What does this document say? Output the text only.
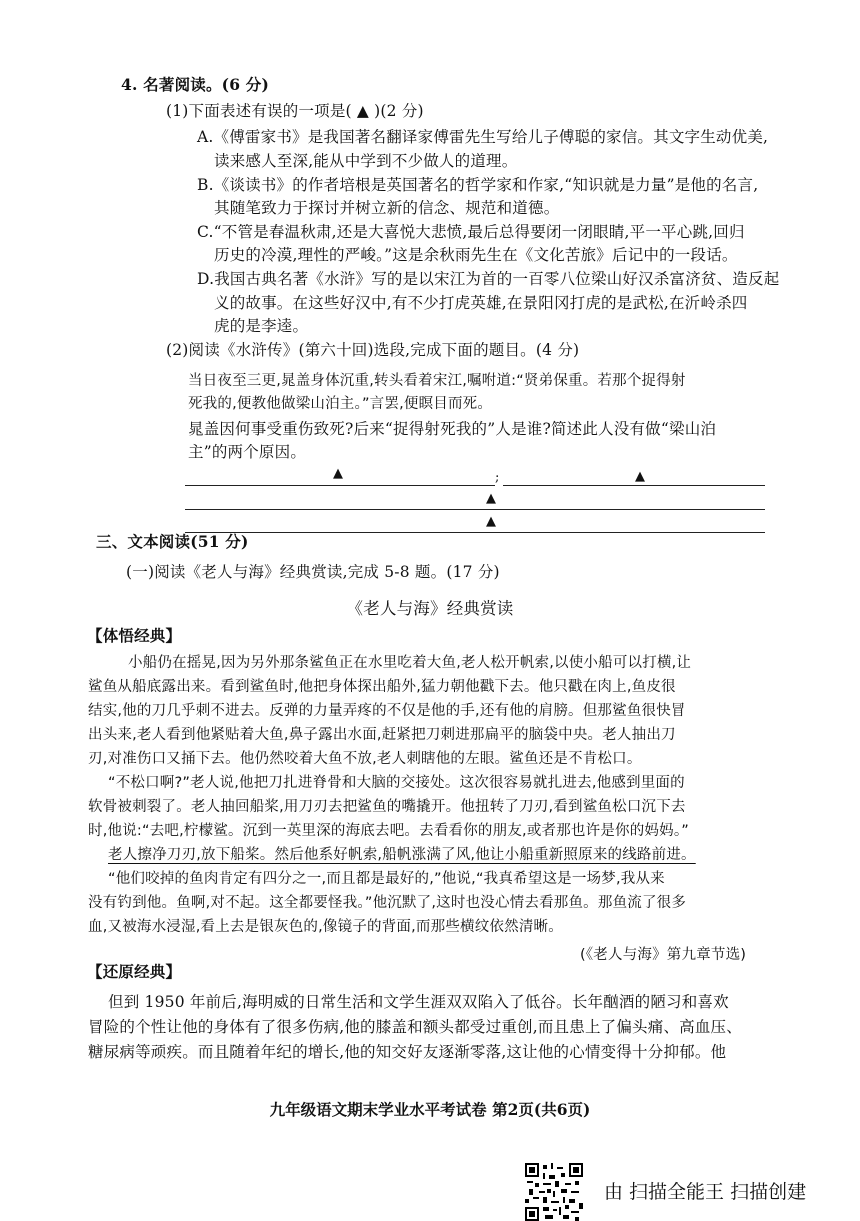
4. 名著阅读。(6 分)
(1)下面表述有误的一项是( ▲ )(2 分)
A.《傅雷家书》是我国著名翻译家傅雷先生写给儿子傅聪的家信。其文字生动优美,
读来感人至深,能从中学到不少做人的道理。
B.《谈读书》的作者培根是英国著名的哲学家和作家,“知识就是力量”是他的名言,
其随笔致力于探讨并树立新的信念、规范和道德。
C.“不管是春温秋肃,还是大喜悦大悲愤,最后总得要闭一闭眼睛,平一平心跳,回归
历史的冷漠,理性的严峻。”这是余秋雨先生在《文化苦旅》后记中的一段话。
D.我国古典名著《水浒》写的是以宋江为首的一百零八位梁山好汉杀富济贫、造反起
义的故事。在这些好汉中,有不少打虎英雄,在景阳冈打虎的是武松,在沂岭杀四
虎的是李逵。
(2)阅读《水浒传》(第六十回)选段,完成下面的题目。(4 分)
当日夜至三更,晁盖身体沉重,转头看着宋江,嘱咐道:“贤弟保重。若那个捉得射
死我的,便教他做梁山泊主。”言罢,便瞑目而死。
晁盖因何事受重伤致死?后来“捉得射死我的”人是谁?简述此人没有做“梁山泊
主”的两个原因。
▲	;	▲
▲
▲
三、文本阅读(51 分)
(一)阅读《老人与海》经典赏读,完成 5-8 题。(17 分)
《老人与海》经典赏读
【体悟经典】
小船仍在摇晃,因为另外那条鲨鱼正在水里吃着大鱼,老人松开帆索,以使小船可以打横,让
鲨鱼从船底露出来。看到鲨鱼时,他把身体探出船外,猛力朝他戳下去。他只戳在肉上,鱼皮很
结实,他的刀几乎刺不进去。反弹的力量弄疼的不仅是他的手,还有他的肩膀。但那鲨鱼很快冒
出头来,老人看到他紧贴着大鱼,鼻子露出水面,赶紧把刀刺进那扁平的脑袋中央。老人抽出刀
刃,对准伤口又捅下去。他仍然咬着大鱼不放,老人刺瞎他的左眼。鲨鱼还是不肯松口。
“不松口啊?”老人说,他把刀扎进脊骨和大脑的交接处。这次很容易就扎进去,他感到里面的
软骨被刺裂了。老人抽回船桨,用刀刃去把鲨鱼的嘴撬开。他扭转了刀刃,看到鲨鱼松口沉下去
时,他说:“去吧,柠檬鲨。沉到一英里深的海底去吧。去看看你的朋友,或者那也许是你的妈妈。”
老人擦净刀刃,放下船桨。然后他系好帆索,船帆涨满了风,他让小船重新照原来的线路前进。
“他们咬掉的鱼肉肯定有四分之一,而且都是最好的,”他说,“我真希望这是一场梦,我从来
没有钓到他。鱼啊,对不起。这全都要怪我。”他沉默了,这时也没心情去看那鱼。那鱼流了很多
血,又被海水浸湿,看上去是银灰色的,像镜子的背面,而那些横纹依然清晰。
(《老人与海》第九章节选)
【还原经典】
但到 1950 年前后,海明威的日常生活和文学生涯双双陷入了低谷。长年酗酒的陋习和喜欢
冒险的个性让他的身体有了很多伤病,他的膝盖和额头都受过重创,而且患上了偏头痛、高血压、
糖尿病等顽疾。而且随着年纪的增长,他的知交好友逐渐零落,这让他的心情变得十分抑郁。他
九年级语文期末学业水平考试卷 第2页(共6页)
由 扫描全能王 扫描创建
